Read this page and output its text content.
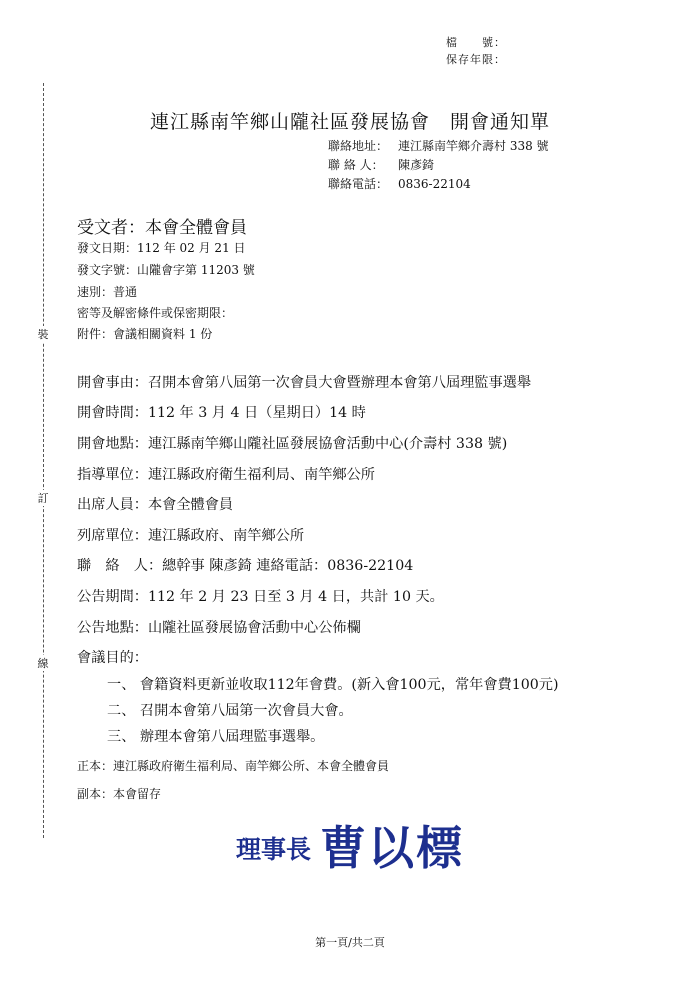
檔　　號：
保存年限：
裝
訂
線
連江縣南竿鄉山隴社區發展協會　開會通知單
聯絡地址： 連江縣南竿鄉介壽村 338 號
聯 絡 人： 陳彥錡
聯絡電話： 0836-22104
受文者：本會全體會員
發文日期：112 年 02 月 21 日
發文字號：山隴會字第 11203 號
速別：普通
密等及解密條件或保密期限：
附件：會議相關資料 1 份
開會事由：召開本會第八屆第一次會員大會暨辦理本會第八屆理監事選舉
開會時間：112 年 3 月 4 日（星期日）14 時
開會地點：連江縣南竿鄉山隴社區發展協會活動中心(介壽村 338 號)
指導單位：連江縣政府衛生福利局、南竿鄉公所
出席人員：本會全體會員
列席單位：連江縣政府、南竿鄉公所
聯　絡　人：總幹事 陳彥錡 連絡電話：0836-22104
公告期間：112 年 2 月 23 日至 3 月 4 日，共計 10 天。
公告地點：山隴社區發展協會活動中心公佈欄
會議目的：
一、 會籍資料更新並收取112年會費。(新入會100元，常年會費100元)
二、 召開本會第八屆第一次會員大會。
三、 辦理本會第八屆理監事選舉。
正本：連江縣政府衛生福利局、南竿鄉公所、本會全體會員
副本：本會留存
理事長 曹以標
第一頁/共二頁
